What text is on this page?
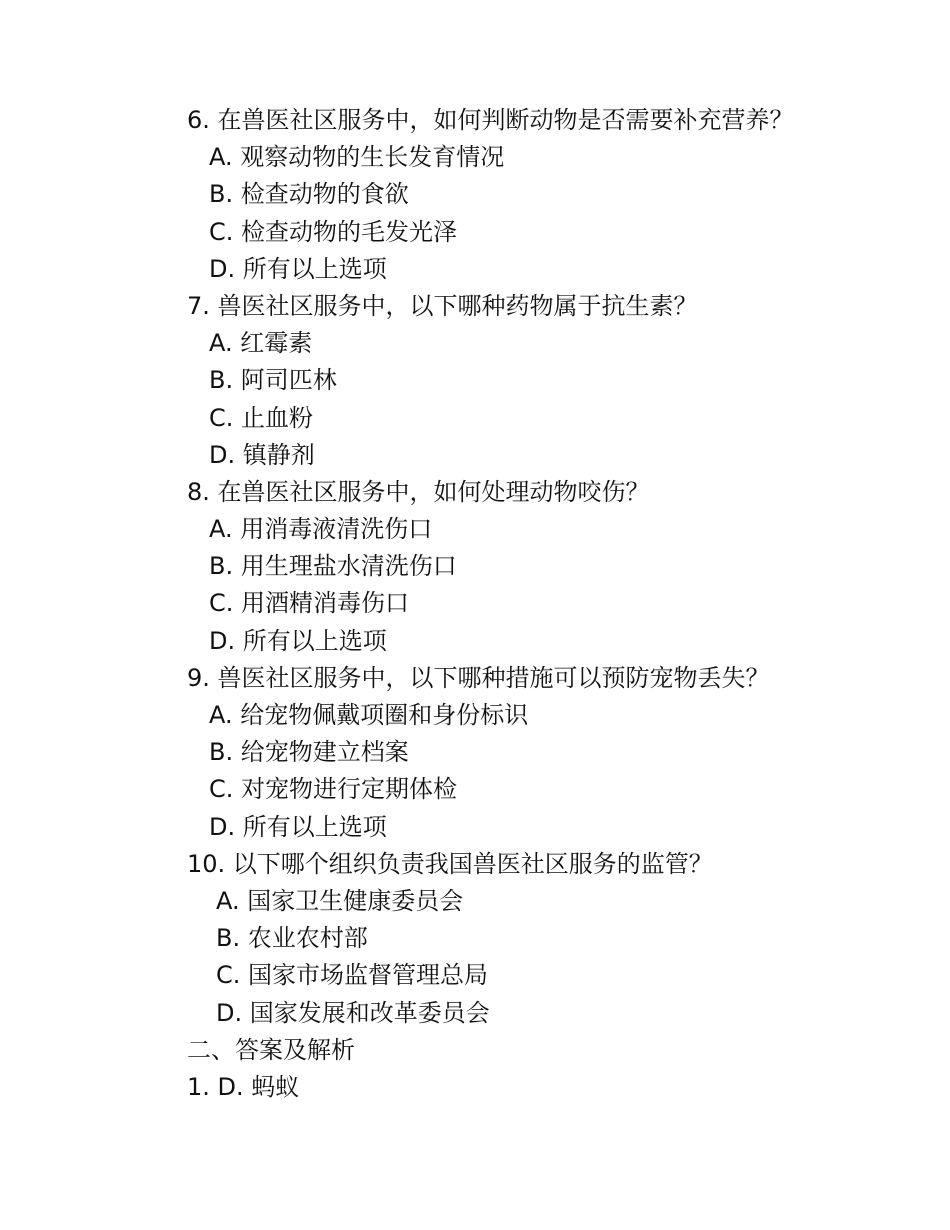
6. 在兽医社区服务中，如何判断动物是否需要补充营养？
A. 观察动物的生长发育情况
B. 检查动物的食欲
C. 检查动物的毛发光泽
D. 所有以上选项
7. 兽医社区服务中，以下哪种药物属于抗生素？
A. 红霉素
B. 阿司匹林
C. 止血粉
D. 镇静剂
8. 在兽医社区服务中，如何处理动物咬伤？
A. 用消毒液清洗伤口
B. 用生理盐水清洗伤口
C. 用酒精消毒伤口
D. 所有以上选项
9. 兽医社区服务中，以下哪种措施可以预防宠物丢失？
A. 给宠物佩戴项圈和身份标识
B. 给宠物建立档案
C. 对宠物进行定期体检
D. 所有以上选项
10. 以下哪个组织负责我国兽医社区服务的监管？
A. 国家卫生健康委员会
B. 农业农村部
C. 国家市场监督管理总局
D. 国家发展和改革委员会
二、答案及解析
1. D. 蚂蚁
